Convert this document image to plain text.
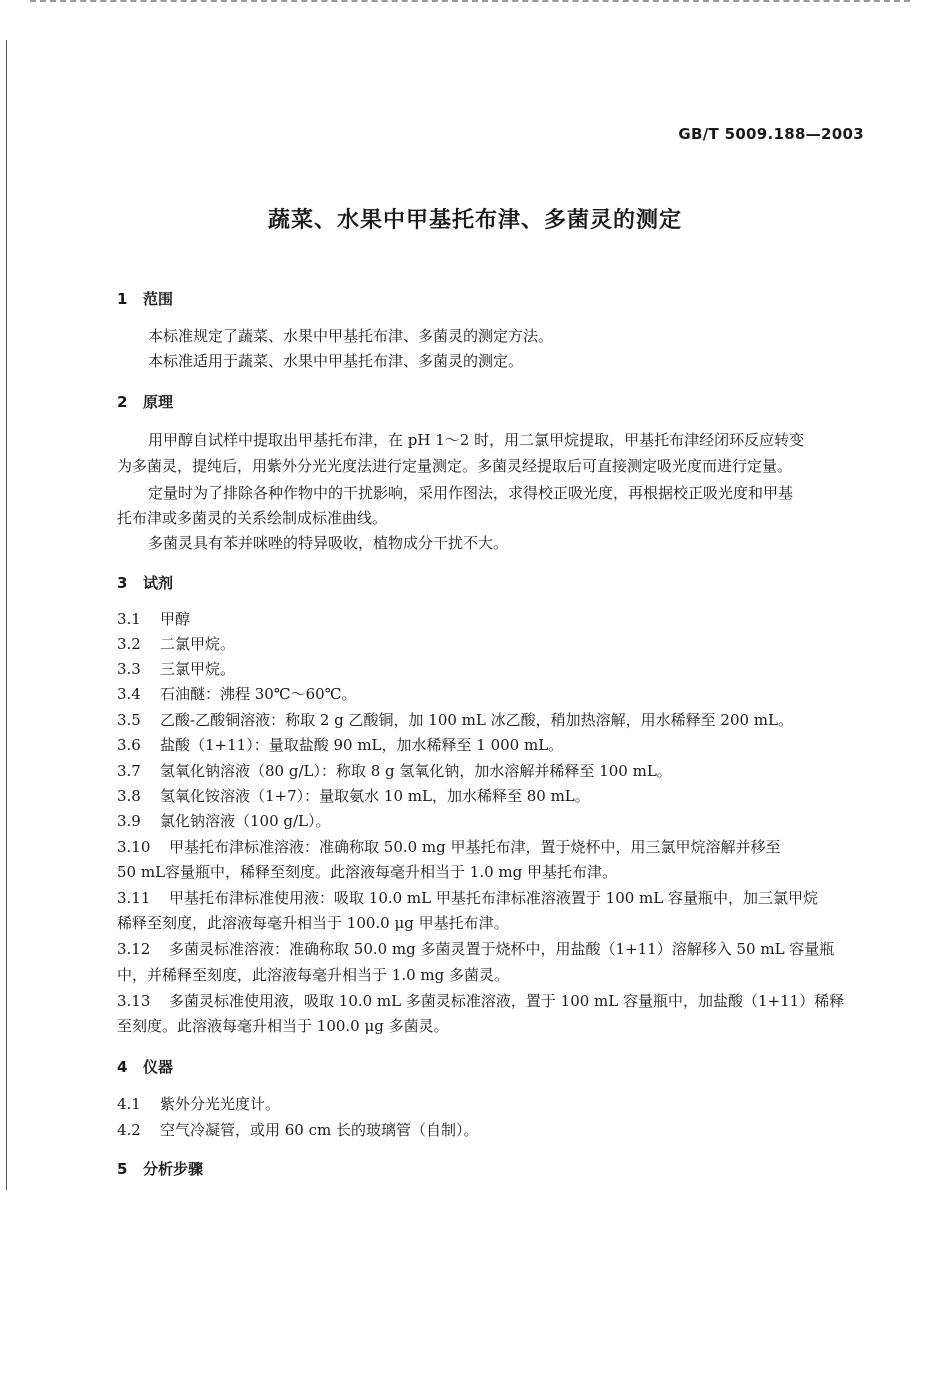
GB/T 5009.188—2003
蔬菜、水果中甲基托布津、多菌灵的测定
1 范围
本标准规定了蔬菜、水果中甲基托布津、多菌灵的测定方法。
本标准适用于蔬菜、水果中甲基托布津、多菌灵的测定。
2 原理
用甲醇自试样中提取出甲基托布津，在 pH 1～2 时，用二氯甲烷提取，甲基托布津经闭环反应转变
为多菌灵，提纯后，用紫外分光光度法进行定量测定。多菌灵经提取后可直接测定吸光度而进行定量。
定量时为了排除各种作物中的干扰影响，采用作图法，求得校正吸光度，再根据校正吸光度和甲基
托布津或多菌灵的关系绘制成标准曲线。
多菌灵具有苯并咪唑的特异吸收，植物成分干扰不大。
3 试剂
3.1 甲醇
3.2 二氯甲烷。
3.3 三氯甲烷。
3.4 石油醚：沸程 30℃～60℃。
3.5 乙酸-乙酸铜溶液：称取 2 g 乙酸铜，加 100 mL 冰乙酸，稍加热溶解，用水稀释至 200 mL。
3.6 盐酸（1+11）：量取盐酸 90 mL，加水稀释至 1 000 mL。
3.7 氢氧化钠溶液（80 g/L）：称取 8 g 氢氧化钠，加水溶解并稀释至 100 mL。
3.8 氢氧化铵溶液（1+7）：量取氨水 10 mL，加水稀释至 80 mL。
3.9 氯化钠溶液（100 g/L）。
3.10 甲基托布津标准溶液：准确称取 50.0 mg 甲基托布津，置于烧杯中，用三氯甲烷溶解并移至
50 mL容量瓶中，稀释至刻度。此溶液每毫升相当于 1.0 mg 甲基托布津。
3.11 甲基托布津标准使用液：吸取 10.0 mL 甲基托布津标准溶液置于 100 mL 容量瓶中，加三氯甲烷
稀释至刻度，此溶液每毫升相当于 100.0 μg 甲基托布津。
3.12 多菌灵标准溶液：准确称取 50.0 mg 多菌灵置于烧杯中，用盐酸（1+11）溶解移入 50 mL 容量瓶
中，并稀释至刻度，此溶液每毫升相当于 1.0 mg 多菌灵。
3.13 多菌灵标准使用液，吸取 10.0 mL 多菌灵标准溶液，置于 100 mL 容量瓶中，加盐酸（1+11）稀释
至刻度。此溶液每毫升相当于 100.0 μg 多菌灵。
4 仪器
4.1 紫外分光光度计。
4.2 空气冷凝管，或用 60 cm 长的玻璃管（自制）。
5 分析步骤
